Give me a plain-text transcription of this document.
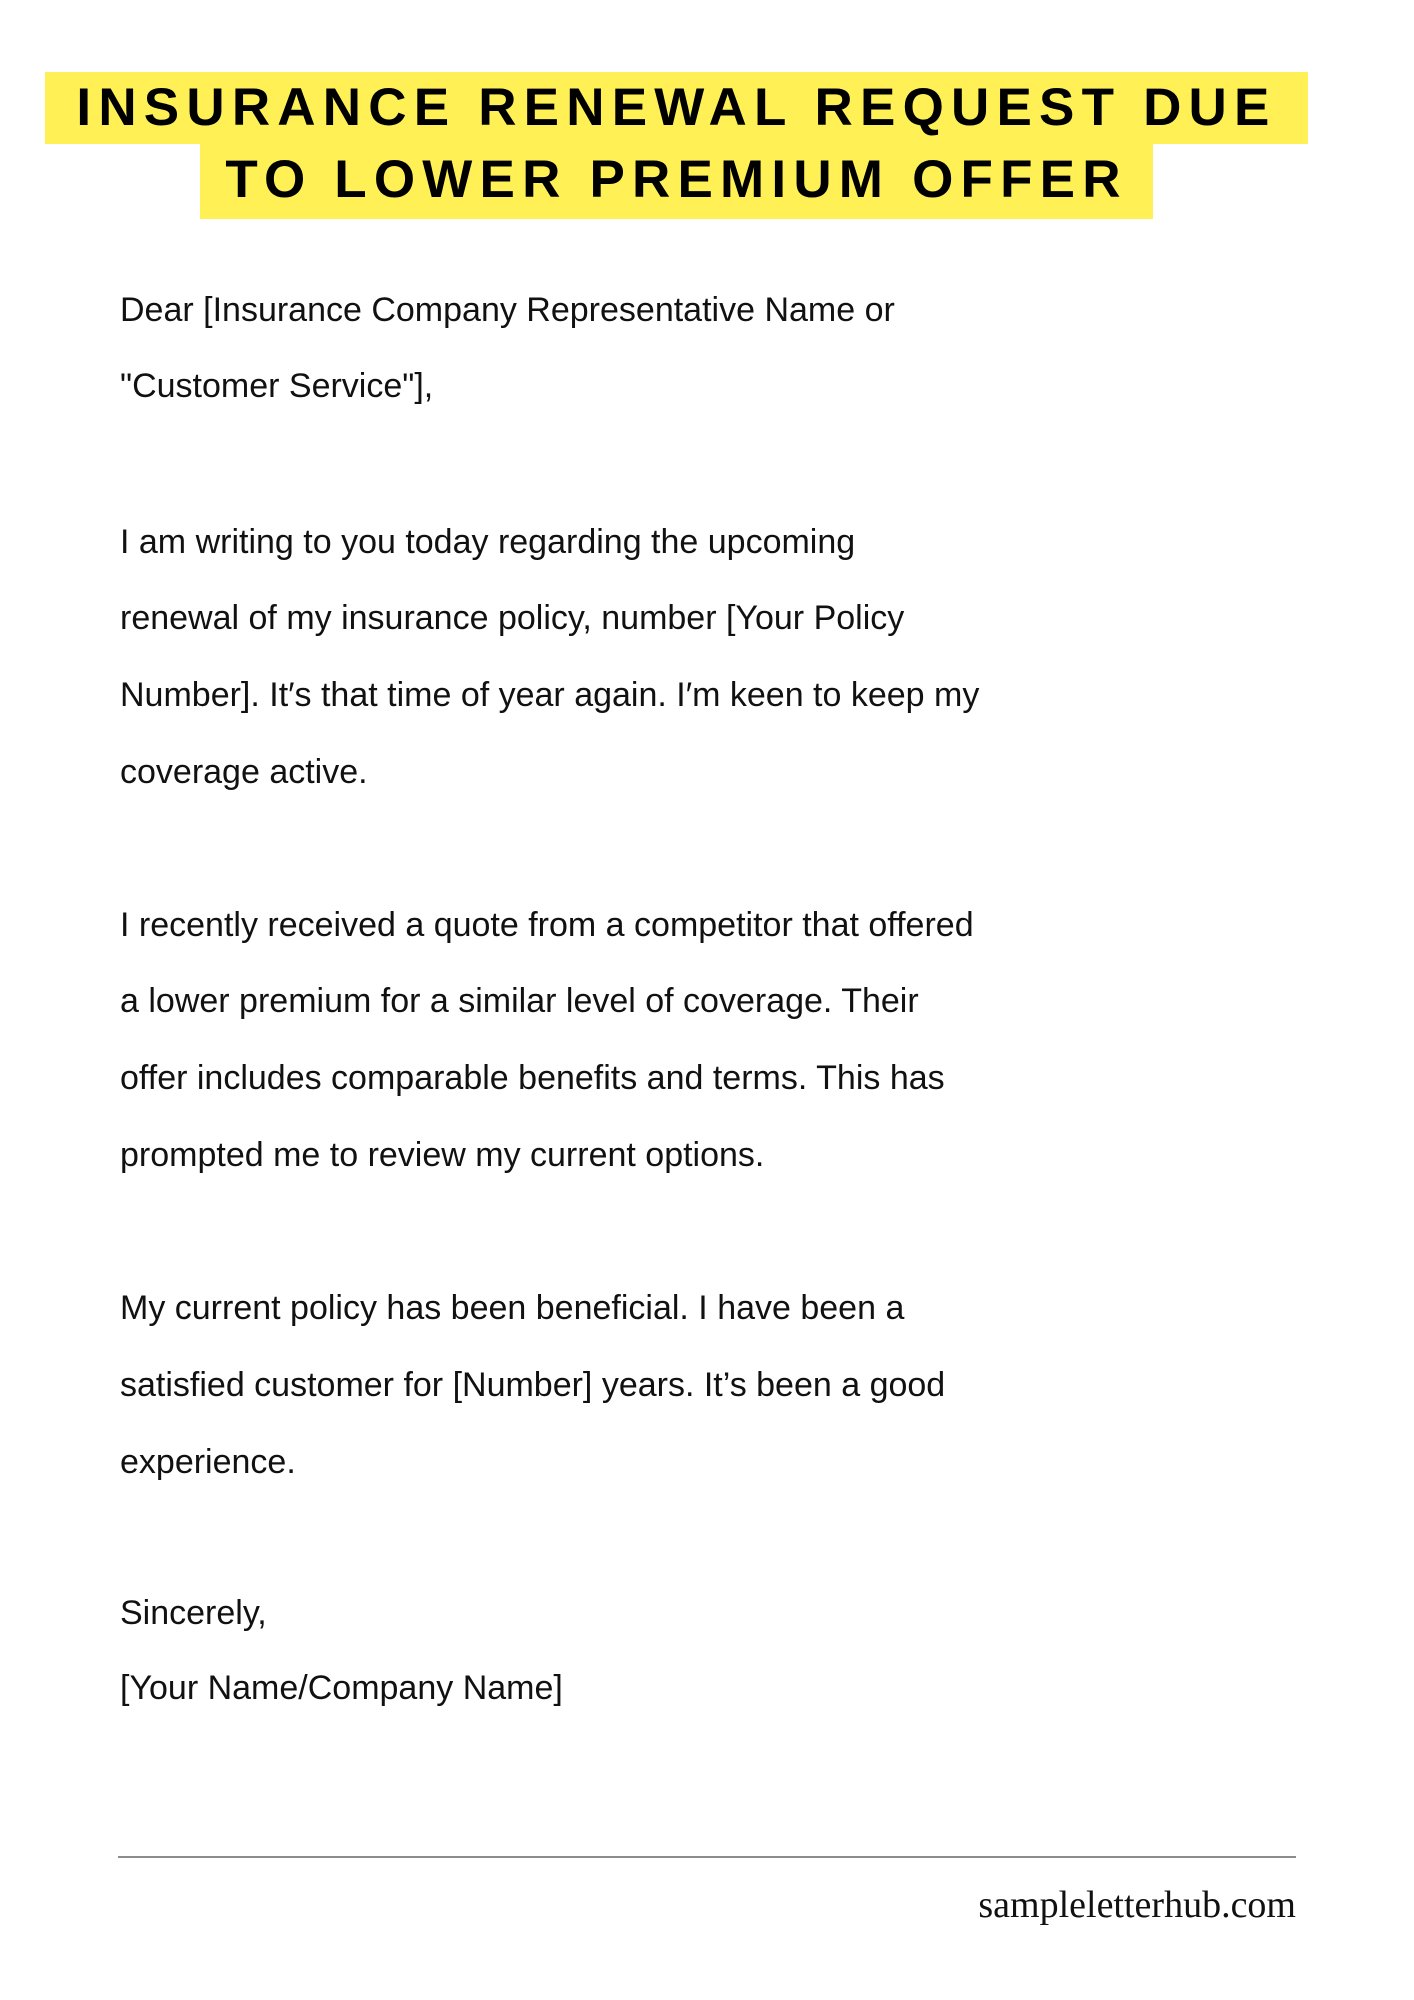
INSURANCE RENEWAL REQUEST DUE
TO LOWER PREMIUM OFFER
Dear [Insurance Company Representative Name or
"Customer Service"],
I am writing to you today regarding the upcoming
renewal of my insurance policy, number [Your Policy
Number]. It′s that time of year again. I′m keen to keep my
coverage active.
I recently received a quote from a competitor that offered
a lower premium for a similar level of coverage. Their
offer includes comparable benefits and terms. This has
prompted me to review my current options.
My current policy has been beneficial. I have been a
satisfied customer for [Number] years. It’s been a good
experience.
Sincerely,
[Your Name/Company Name]
sampleletterhub.com
